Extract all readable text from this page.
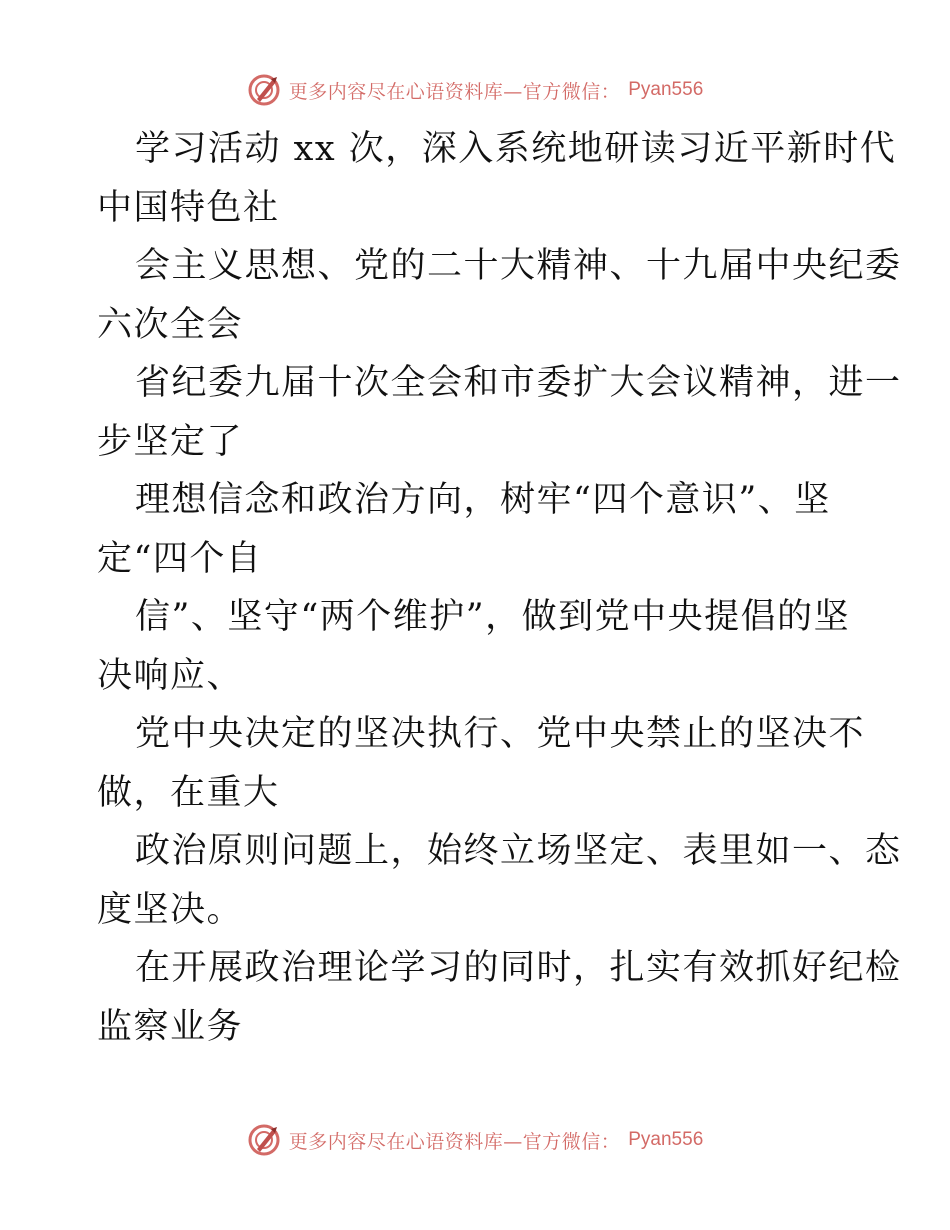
更多内容尽在心语资料库—官方微信： Pyan556
学习活动 xx 次，深入系统地研读习近平新时代
中国特色社
会主义思想、党的二十大精神、十九届中央纪委
六次全会
省纪委九届十次全会和市委扩大会议精神，进一
步坚定了
理想信念和政治方向，树牢“四个意识”、坚
定“四个自
信”、坚守“两个维护”，做到党中央提倡的坚
决响应、
党中央决定的坚决执行、党中央禁止的坚决不
做，在重大
政治原则问题上，始终立场坚定、表里如一、态
度坚决。
在开展政治理论学习的同时，扎实有效抓好纪检
监察业务
更多内容尽在心语资料库—官方微信： Pyan556
